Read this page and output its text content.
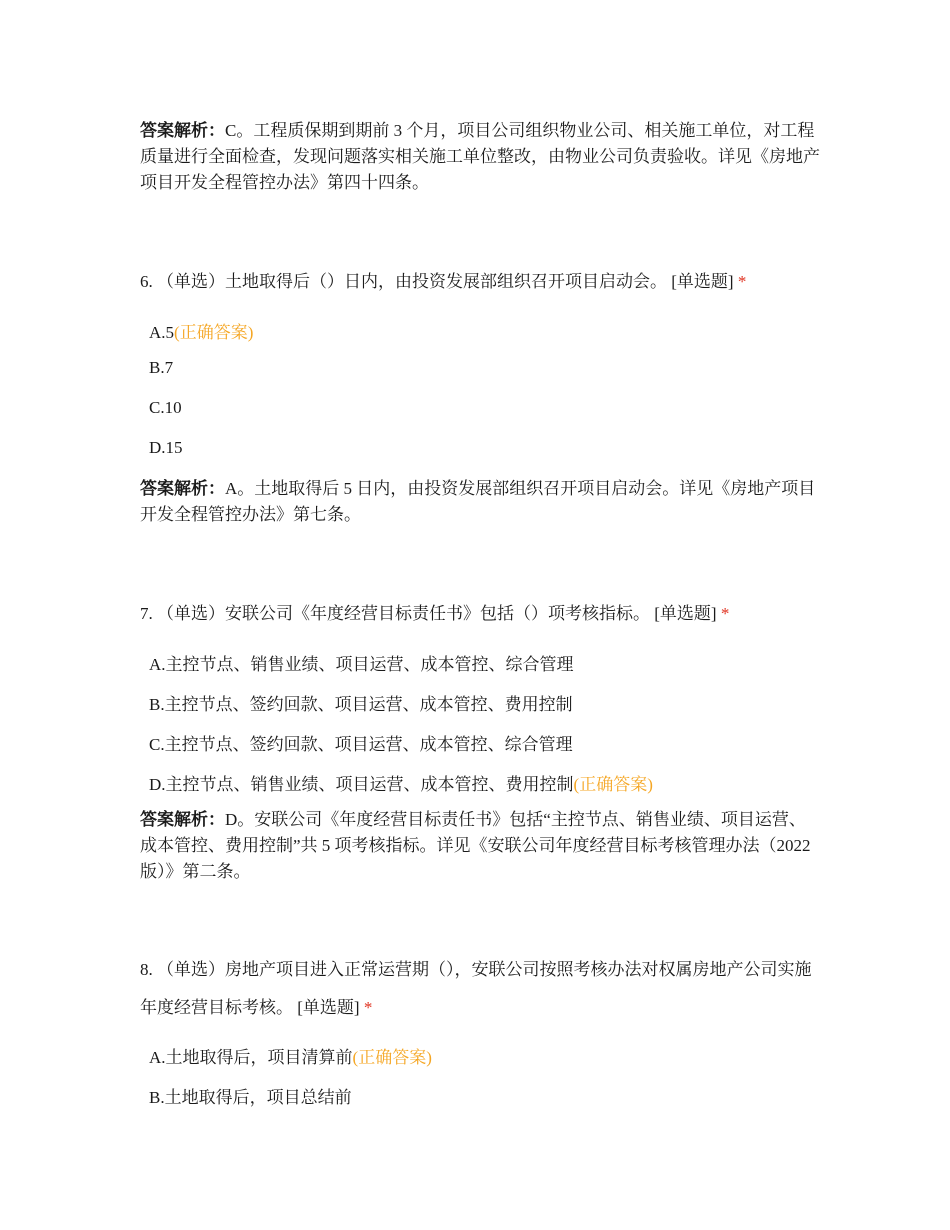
答案解析：C。工程质保期到期前 3 个月，项目公司组织物业公司、相关施工单位，对工程质量进行全面检查，发现问题落实相关施工单位整改，由物业公司负责验收。详见《房地产项目开发全程管控办法》第四十四条。
6. （单选）土地取得后（）日内，由投资发展部组织召开项目启动会。 [单选题] *
A.5(正确答案)
B.7
C.10
D.15
答案解析：A。土地取得后 5 日内，由投资发展部组织召开项目启动会。详见《房地产项目开发全程管控办法》第七条。
7. （单选）安联公司《年度经营目标责任书》包括（）项考核指标。 [单选题] *
A.主控节点、销售业绩、项目运营、成本管控、综合管理
B.主控节点、签约回款、项目运营、成本管控、费用控制
C.主控节点、签约回款、项目运营、成本管控、综合管理
D.主控节点、销售业绩、项目运营、成本管控、费用控制(正确答案)
答案解析：D。安联公司《年度经营目标责任书》包括“主控节点、销售业绩、项目运营、成本管控、费用控制”共 5 项考核指标。详见《安联公司年度经营目标考核管理办法（2022 版）》第二条。
8. （单选）房地产项目进入正常运营期（），安联公司按照考核办法对权属房地产公司实施年度经营目标考核。 [单选题] *
A.土地取得后，项目清算前(正确答案)
B.土地取得后，项目总结前
